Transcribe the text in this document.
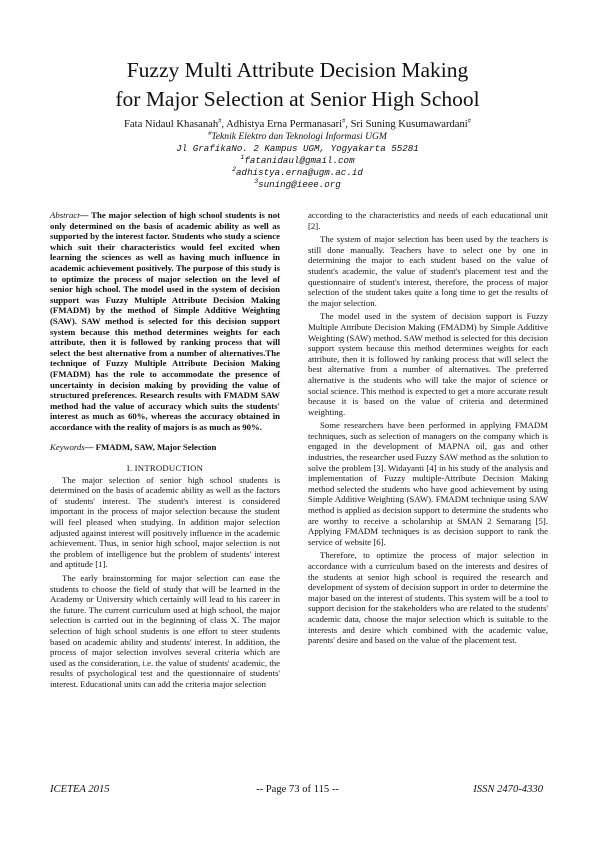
Fuzzy Multi Attribute Decision Making
for Major Selection at Senior High School
Fata Nidaul Khasanah#, Adhistya Erna Permanasari#, Sri Suning Kusumawardani#
#Teknik Elektro dan Teknologi Informasi UGM
Jl GrafikaNo. 2 Kampus UGM, Yogyakarta 55281
$^1$fatanidaul@gmail.com
$^2$adhistya.erna@ugm.ac.id
$^3$suning@ieee.org

Abstract— The major selection of high school students is not only determined on the basis of academic ability as well as supported by the interest factor. Students who study a science which suit their characteristics would feel excited when learning the sciences as well as having much influence in academic achievement positively. The purpose of this study is to optimize the process of major selection on the level of senior high school. The model used in the system of decision support was Fuzzy Multiple Attribute Decision Making (FMADM) by the method of Simple Additive Weighting (SAW). SAW method is selected for this decision support system because this method determines weights for each attribute, then it is followed by ranking process that will select the best alternative from a number of alternatives.The technique of Fuzzy Multiple Attribute Decision Making (FMADM) has the role to accommodate the presence of uncertainty in decision making by providing the value of structured preferences. Research results with FMADM SAW method had the value of accuracy which suits the students' interest as much as 60%, whereas the accuracy obtained in accordance with the reality of majors is as much as 90%.

Keywords— FMADM, SAW, Major Selection

I. INTRODUCTION

The major selection of senior high school students is determined on the basis of academic ability as well as the factors of students' interest. The student's interest is considered important in the process of major selection because the student will feel pleased when studying. In addition major selection adjusted against interest will positively influence in the academic achievement. Thus, in senior high school, major selection is not the problem of intelligence but the problem of students' interest and aptitude [1].

The early brainstorming for major selection can ease the students to choose the field of study that will be learned in the Academy or University which certainly will lead to his career in the future. The current curriculum used at high school, the major selection is carried out in the beginning of class X. The major selection of high school students is one effort to steer students based on academic ability and students' interest. In addition, the process of major selection involves several criteria which are used as the consideration, i.e. the value of students' academic, the results of psychological test and the questionnaire of students' interest. Educational units can add the criteria major selection

according to the characteristics and needs of each educational unit [2].

The system of major selection has been used by the teachers is still done manually. Teachers have to select one by one in determining the major to each student based on the value of student's academic, the value of student's placement test and the questionnaire of student's interest, therefore, the process of major selection of the student takes quite a long time to get the results of the major selection.

The model used in the system of decision support is Fuzzy Multiple Attribute Decision Making (FMADM) by Simple Additive Weighting (SAW) method. SAW method is selected for this decision support system because this method determines weights for each attribute, then it is followed by ranking process that will select the best alternative from a number of alternatives. The preferred alternative is the students who will take the major of science or social science. This method is expected to get a more accurate result because it is based on the value of criteria and determined weighting.

Some researchers have been performed in applying FMADM techniques, such as selection of managers on the company which is engaged in the development of MAPNA oil, gas and other industries, the researcher used Fuzzy SAW method as the solution to solve the problem [3]. Widayanti [4] in his study of the analysis and implementation of Fuzzy multiple-Attribute Decision Making method selected the students who have good achievement by using Simple Additive Weighting (SAW). FMADM technique using SAW method is applied as decision support to determine the students who are worthy to receive a scholarship at SMAN 2 Semarang [5]. Applying FMADM techniques is as decision support to rank the service of website [6].

Therefore, to optimize the process of major selection in accordance with a curriculum based on the interests and desires of the students at senior high school is required the research and development of system of decision support in order to determine the major based on the interest of students. This system will be a tool to support decision for the stakeholders who are related to the students' academic data, choose the major selection which is suitable to the interests and desire which combined with the academic value, parents' desire and based on the value of the placement test.

ICETEA 2015	-- Page 73 of 115 --	ISSN 2470-4330
